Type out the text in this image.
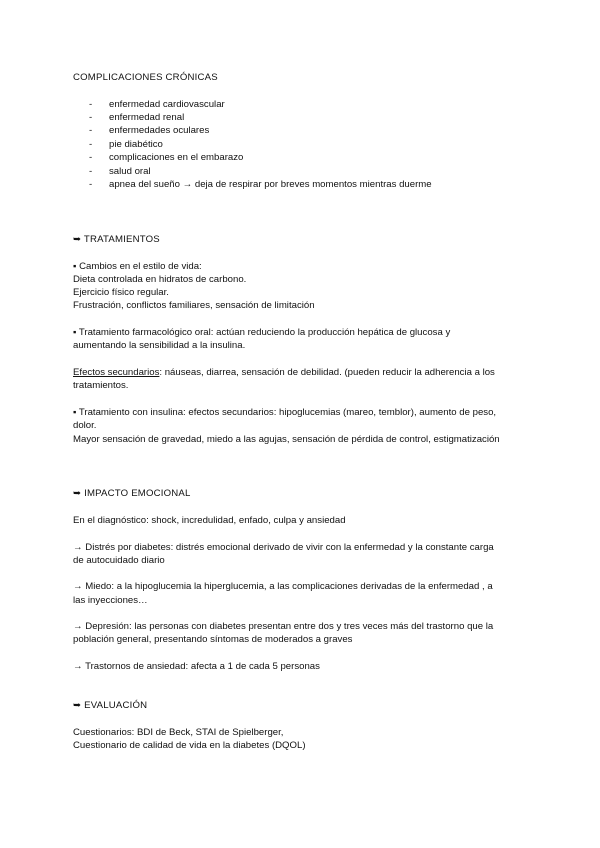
COMPLICACIONES CRÓNICAS
- enfermedad cardiovascular
- enfermedad renal
- enfermedades oculares
- pie diabético
- complicaciones en el embarazo
- salud oral
- apnea del sueño → deja de respirar por breves momentos mientras duerme
➥ TRATAMIENTOS
▪ Cambios en el estilo de vida:
Dieta controlada en hidratos de carbono.
Ejercicio físico regular.
Frustración, conflictos familiares, sensación de limitación
▪ Tratamiento farmacológico oral: actúan reduciendo la producción hepática de glucosa y
aumentando la sensibilidad a la insulina.
Efectos secundarios: náuseas, diarrea, sensación de debilidad. (pueden reducir la adherencia a los
tratamientos.
▪ Tratamiento con insulina: efectos secundarios: hipoglucemias (mareo, temblor), aumento de peso,
dolor.
Mayor sensación de gravedad, miedo a las agujas, sensación de pérdida de control, estigmatización
➥ IMPACTO EMOCIONAL
En el diagnóstico: shock, incredulidad, enfado, culpa y ansiedad
→ Distrés por diabetes: distrés emocional derivado de vivir con la enfermedad y la constante carga
de autocuidado diario
→ Miedo: a la hipoglucemia la hiperglucemia, a las complicaciones derivadas de la enfermedad , a
las inyecciones…
→ Depresión: las personas con diabetes presentan entre dos y tres veces más del trastorno que la
población general, presentando síntomas de moderados a graves
→ Trastornos de ansiedad: afecta a 1 de cada 5 personas
➥ EVALUACIÓN
Cuestionarios: BDI de Beck, STAI de Spielberger,
Cuestionario de calidad de vida en la diabetes (DQOL)
